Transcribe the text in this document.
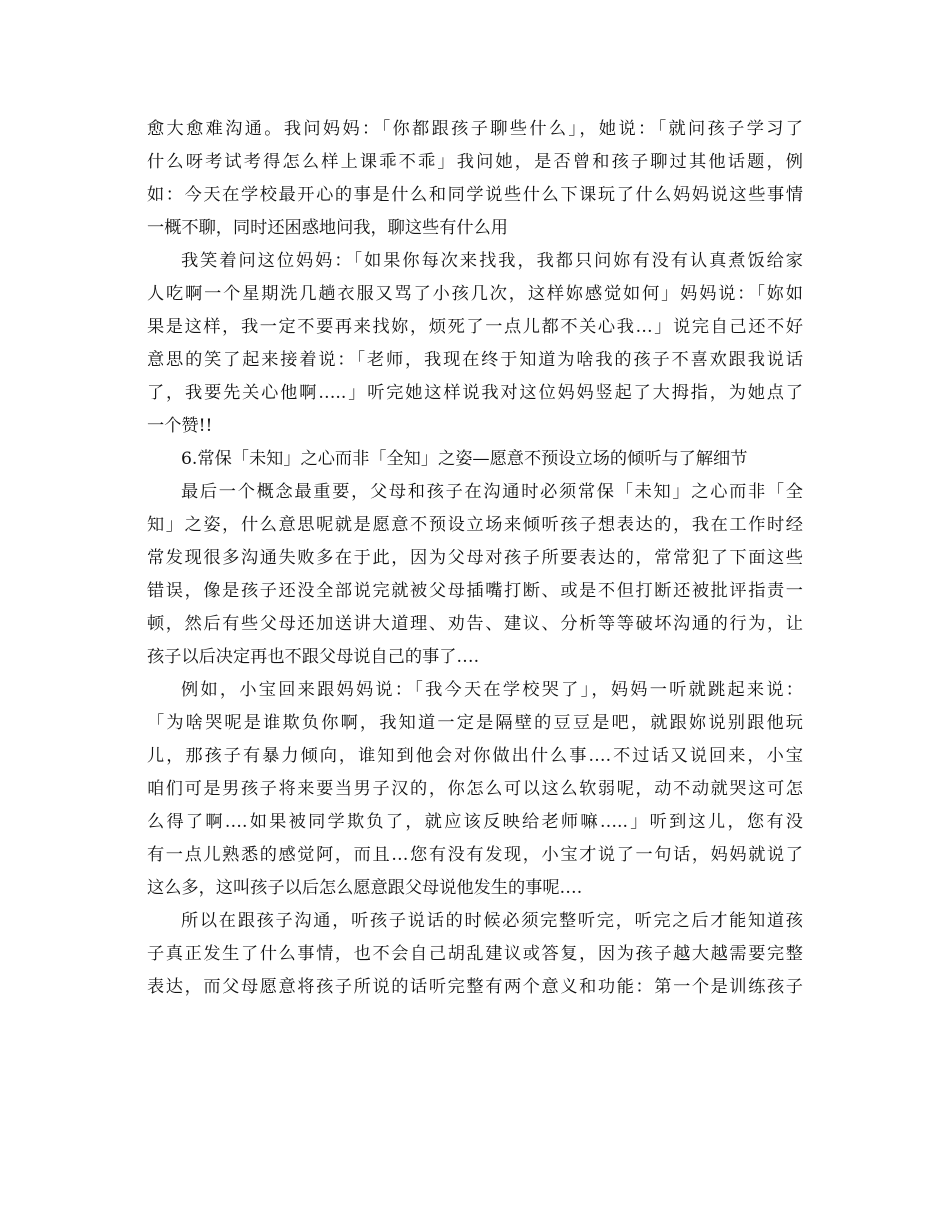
愈大愈难沟通。我问妈妈：「你都跟孩子聊些什么」，她说：「就问孩子学习了
什么呀考试考得怎么样上课乖不乖」我问她，是否曾和孩子聊过其他话题，例
如：今天在学校最开心的事是什么和同学说些什么下课玩了什么妈妈说这些事情
一概不聊，同时还困惑地问我，聊这些有什么用
我笑着问这位妈妈：「如果你每次来找我，我都只问妳有没有认真煮饭给家
人吃啊一个星期洗几趟衣服又骂了小孩几次，这样妳感觉如何」妈妈说：「妳如
果是这样，我一定不要再来找妳，烦死了一点儿都不关心我…」说完自己还不好
意思的笑了起来接着说：「老师，我现在终于知道为啥我的孩子不喜欢跟我说话
了，我要先关心他啊…..」听完她这样说我对这位妈妈竖起了大拇指，为她点了
一个赞!!
6.常保「未知」之心而非「全知」之姿—愿意不预设立场的倾听与了解细节
最后一个概念最重要，父母和孩子在沟通时必须常保「未知」之心而非「全
知」之姿，什么意思呢就是愿意不预设立场来倾听孩子想表达的，我在工作时经
常发现很多沟通失败多在于此，因为父母对孩子所要表达的，常常犯了下面这些
错误，像是孩子还没全部说完就被父母插嘴打断、或是不但打断还被批评指责一
顿，然后有些父母还加送讲大道理、劝告、建议、分析等等破坏沟通的行为，让
孩子以后决定再也不跟父母说自己的事了….
例如，小宝回来跟妈妈说：「我今天在学校哭了」，妈妈一听就跳起来说：
「为啥哭呢是谁欺负你啊，我知道一定是隔壁的豆豆是吧，就跟妳说别跟他玩
儿，那孩子有暴力倾向，谁知到他会对你做出什么事….不过话又说回来，小宝
咱们可是男孩子将来要当男子汉的，你怎么可以这么软弱呢，动不动就哭这可怎
么得了啊….如果被同学欺负了，就应该反映给老师嘛…..」听到这儿，您有没
有一点儿熟悉的感觉阿，而且…您有没有发现，小宝才说了一句话，妈妈就说了
这么多，这叫孩子以后怎么愿意跟父母说他发生的事呢….
所以在跟孩子沟通，听孩子说话的时候必须完整听完，听完之后才能知道孩
子真正发生了什么事情，也不会自己胡乱建议或答复，因为孩子越大越需要完整
表达，而父母愿意将孩子所说的话听完整有两个意义和功能：第一个是训练孩子
